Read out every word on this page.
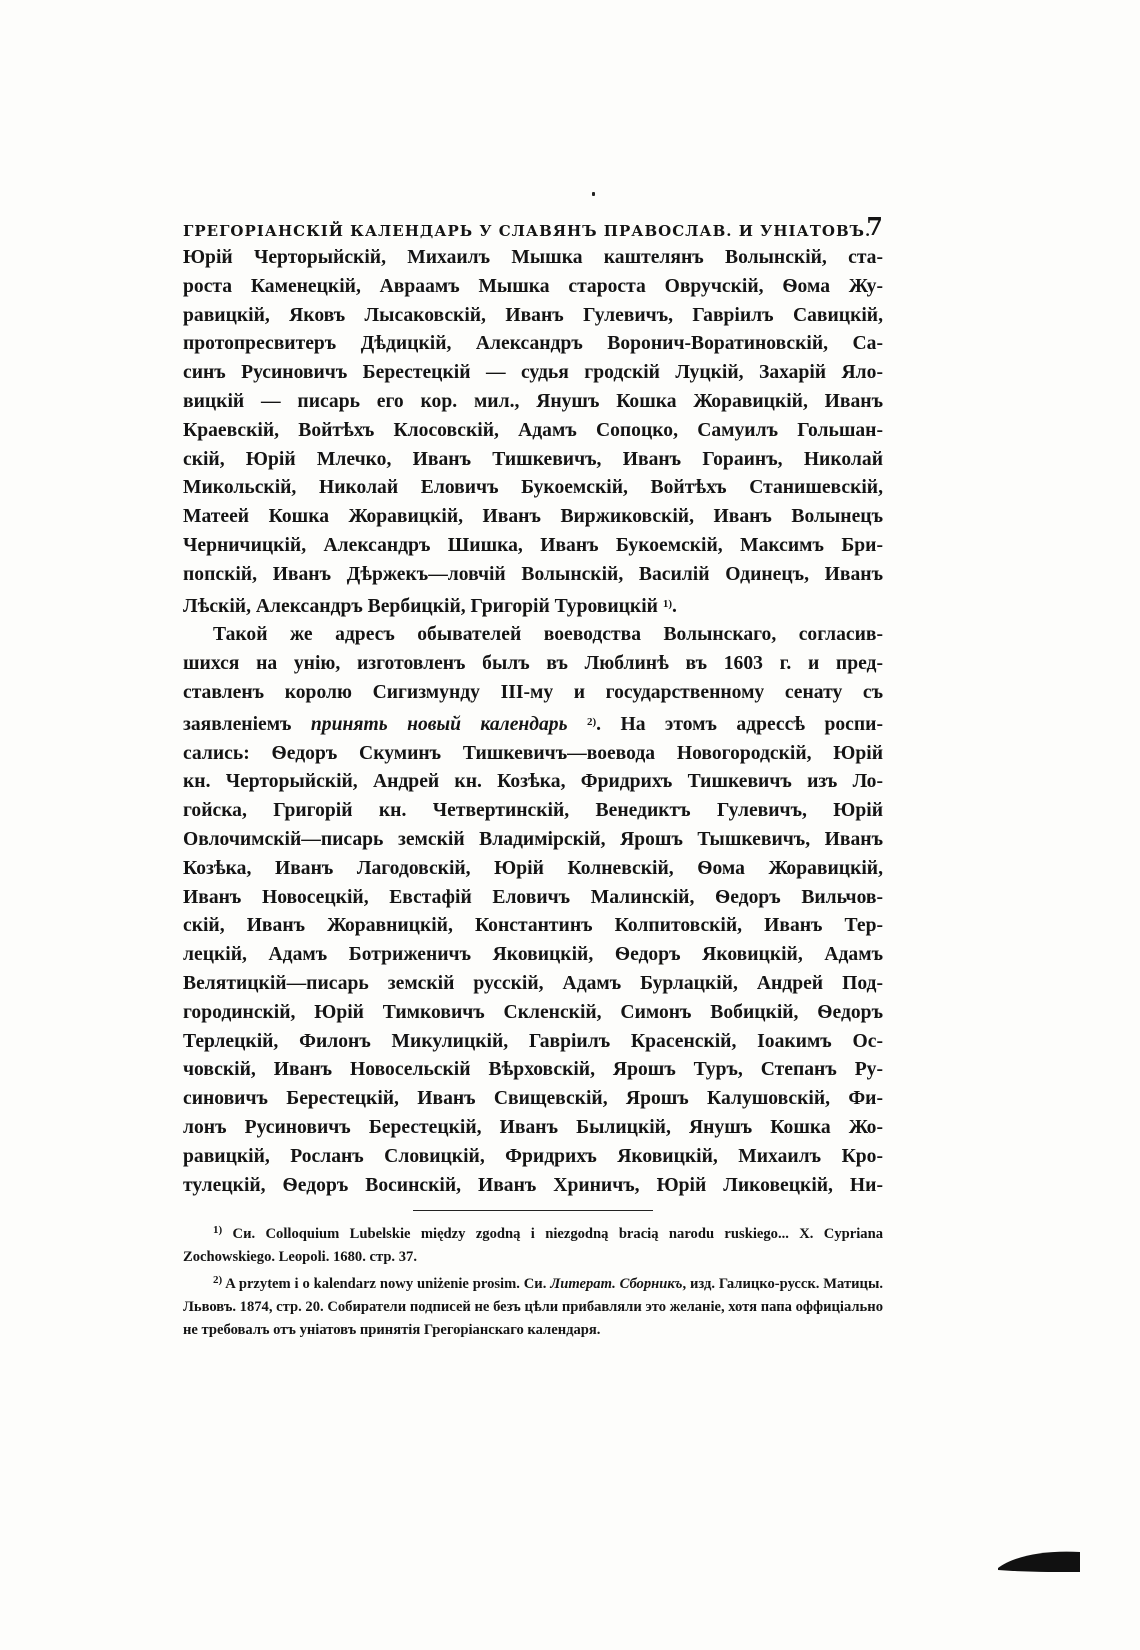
ГРЕГОРІАНСКІЙ КАЛЕНДАРЬ У СЛАВЯНЪ ПРАВОСЛАВ. И УНІАТОВЪ.
7

Юрій Черторыйскій, Михаилъ Мышка каштелянъ Волынскій, ста-
роста Каменецкій, Авраамъ Мышка староста Овручскій, Ѳома Жу-
равицкій, Яковъ Лысаковскій, Иванъ Гулевичъ, Гавріилъ Савицкій,
протопресвитеръ Дѣдицкій, Александръ Воронич-Воратиновскій, Са-
синъ Русиновичъ Берестецкій — судья гродскій Луцкій, Захарій Яло-
вицкій — писарь его кор. мил., Янушъ Кошка Жоравицкій, Иванъ
Краевскій, Войтѣхъ Клосовскій, Адамъ Сопоцко, Самуилъ Гольшан-
скій, Юрій Млечко, Иванъ Тишкевичъ, Иванъ Гораинъ, Николай
Микольскій, Николай Еловичъ Букоемскій, Войтѣхъ Станишевскій,
Матеей Кошка Жоравицкій, Иванъ Виржиковскій, Иванъ Волынецъ
Черничицкій, Александръ Шишка, Иванъ Букоемскій, Максимъ Бри-
попскій, Иванъ Дѣржекъ—ловчій Волынскій, Василій Одинецъ, Иванъ
Лѣскій, Александръ Вербицкій, Григорій Туровицкій $^{1)}$.

Такой же адресъ обывателей воеводства Волынскаго, согласив-
шихся на унію, изготовленъ былъ въ Люблинѣ въ 1603 г. и пред-
ставленъ королю Сигизмунду III-му и государственному сенату съ
заявленіемъ принять новый календарь $^{2)}$. На этомъ адрессѣ роспи-
сались: Ѳедоръ Скуминъ Тишкевичъ—воевода Новогородскій, Юрій
кн. Черторыйскій, Андрей кн. Козѣка, Фридрихъ Тишкевичъ изъ Ло-
гойска, Григорій кн. Четвертинскій, Венедиктъ Гулевичъ, Юрій
Овлочимскій—писарь земскій Владимірскій, Ярошъ Тышкевичъ, Иванъ
Козѣка, Иванъ Лагодовскій, Юрій Колневскій, Ѳома Жоравицкій,
Иванъ Новосецкій, Евстафій Еловичъ Малинскій, Ѳедоръ Вильчов-
скій, Иванъ Жоравницкій, Константинъ Колпитовскій, Иванъ Тер-
лецкій, Адамъ Ботриженичъ Яковицкій, Ѳедоръ Яковицкій, Адамъ
Велятицкій—писарь земскій русскій, Адамъ Бурлацкій, Андрей Под-
городинскій, Юрій Тимковичъ Скленскій, Симонъ Вобицкій, Ѳедоръ
Терлецкій, Филонъ Микулицкій, Гавріилъ Красенскій, Іоакимъ Ос-
човскій, Иванъ Новосельскій Вѣрховскій, Ярошъ Туръ, Степанъ Ру-
синовичъ Берестецкій, Иванъ Свищевскій, Ярошъ Калушовскій, Фи-
лонъ Русиновичъ Берестецкій, Иванъ Былицкій, Янушъ Кошка Жо-
равицкій, Росланъ Словицкій, Фридрихъ Яковицкій, Михаилъ Кро-
тулецкій, Ѳедоръ Восинскій, Иванъ Хриничъ, Юрій Ликовецкій, Ни-

$^{1)}$ Си. Colloquium Lubelskie między zgodną i niezgodną bracią narodu ruskiego... X. Cypriana Zochowskiego. Leopoli. 1680. стр. 37.

$^{2)}$ A przytem i o kalendarz nowy uniżenie prosim. Си. Литерат. Сборникъ, изд. Галицко-русск. Матицы. Львовъ. 1874, стр. 20. Собиратели подписей не безъ цѣли прибавляли это желаніе, хотя папа оффиціально не требовалъ отъ уніатовъ принятія Грегоріанскаго календаря.
